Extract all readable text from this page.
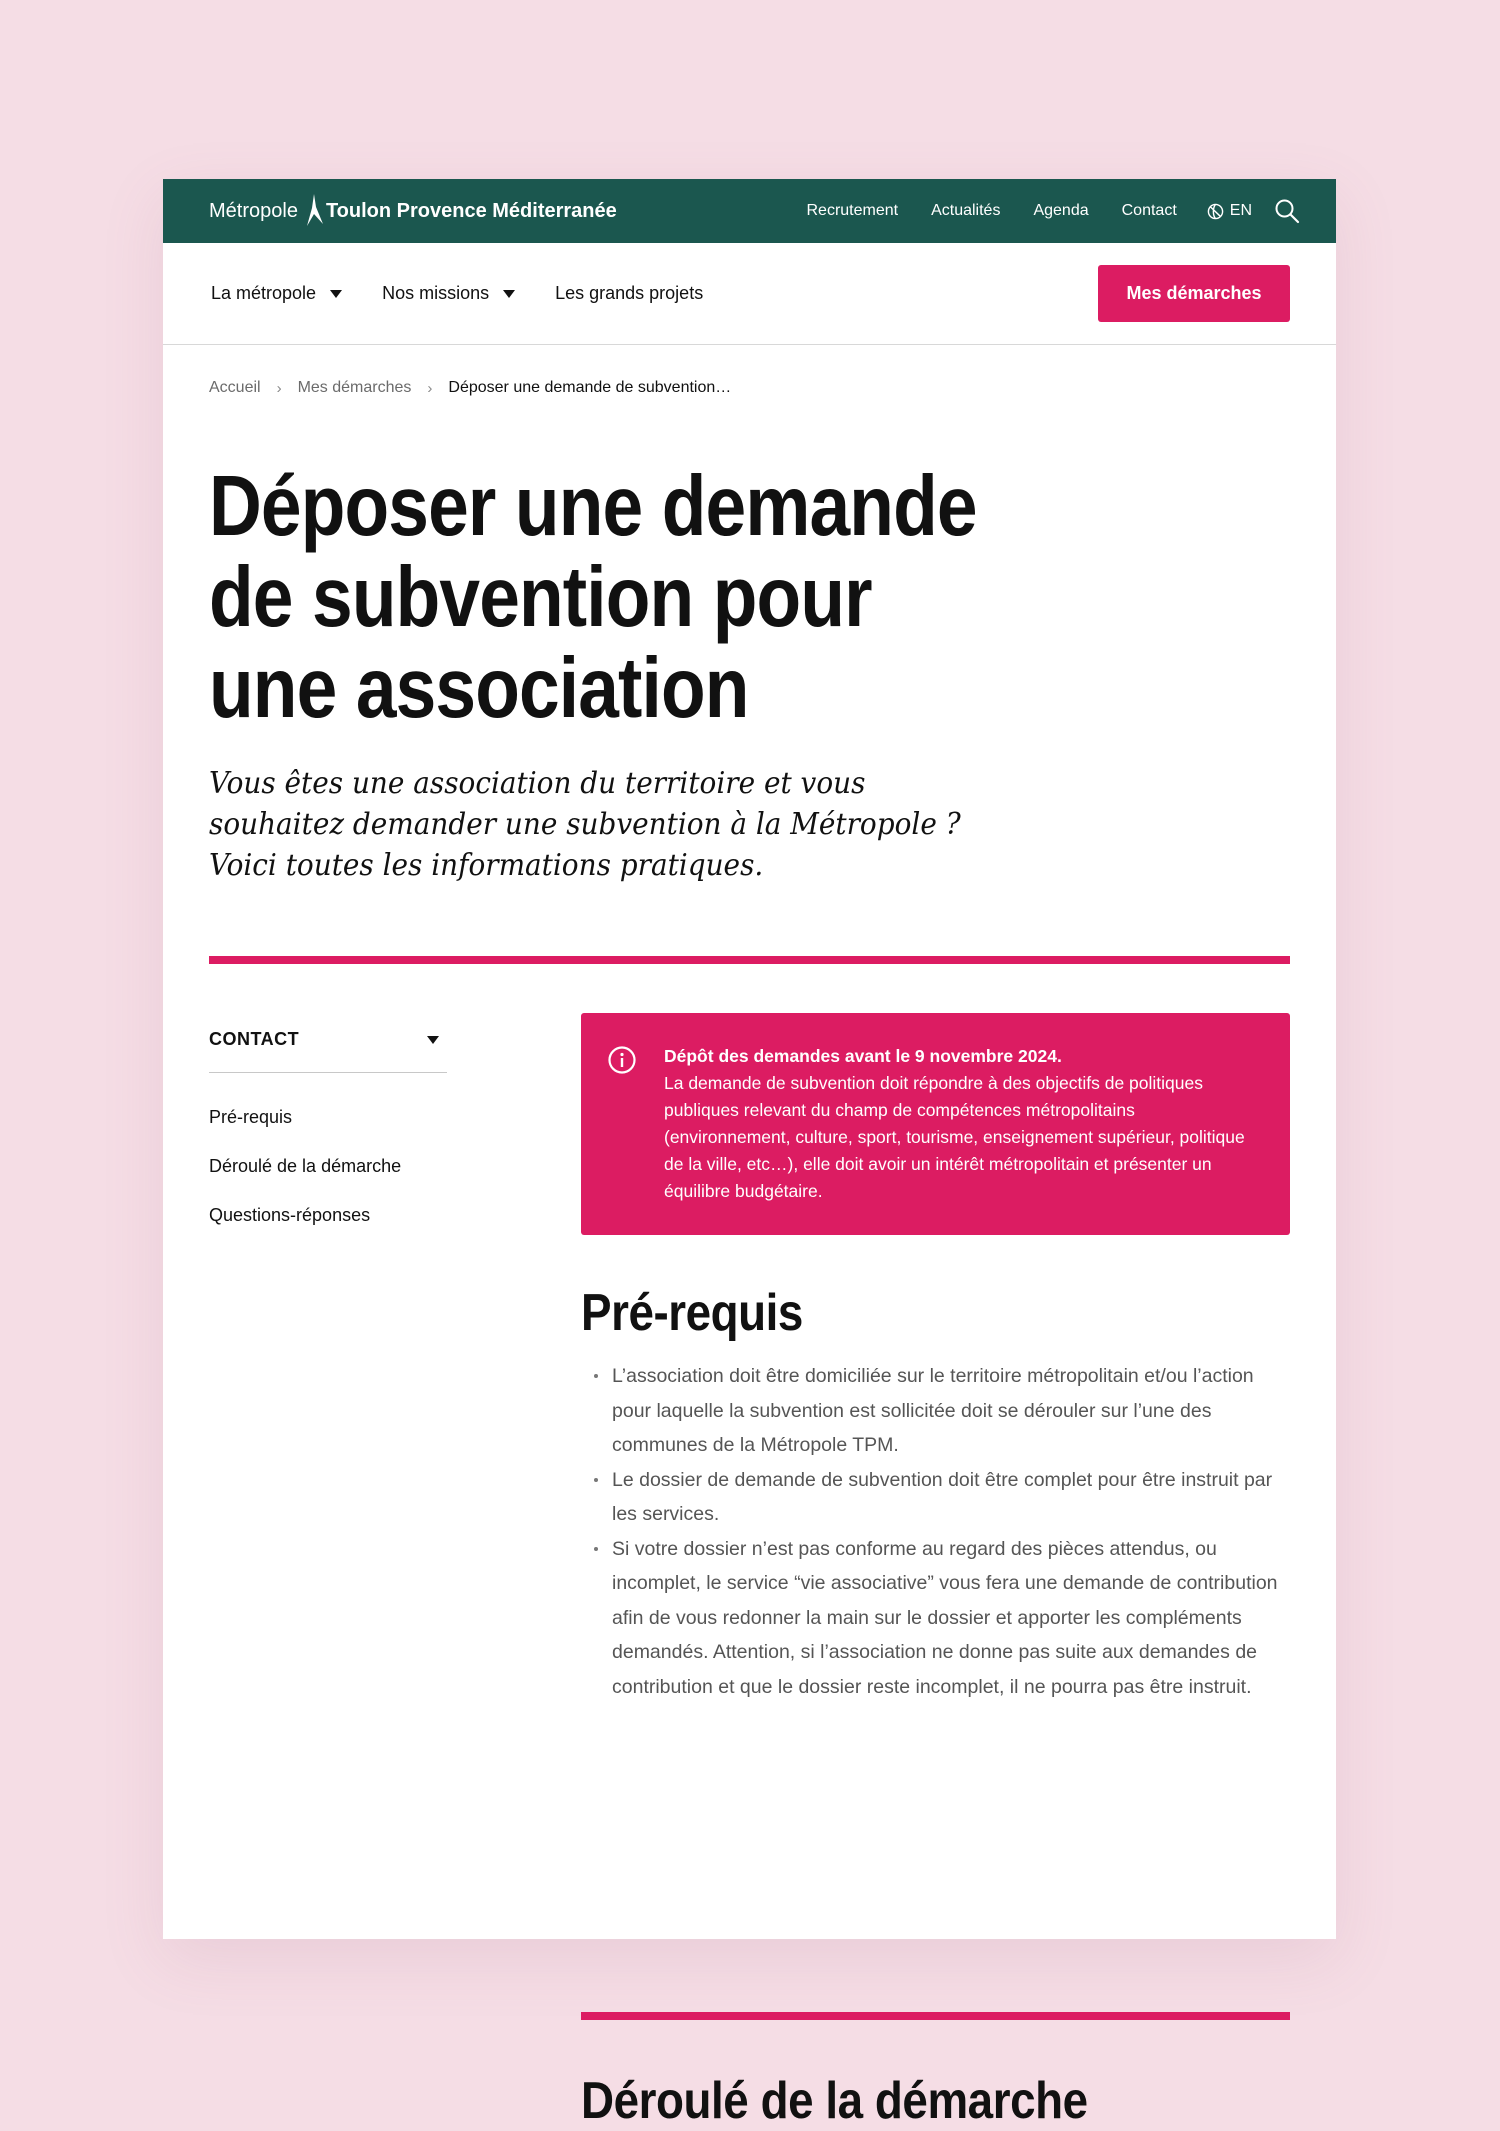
Métropole Toulon Provence Méditerranée	Recrutement Actualités Agenda Contact	EN
La métropole	Nos missions	Les grands projets	Mes démarches
Accueil › Mes démarches › Déposer une demande de subvention…
Déposer une demande de subvention pour une association

Vous êtes une association du territoire et vous souhaitez demander une subvention à la Métropole ? Voici toutes les informations pratiques.

CONTACT
Pré-requis
Déroulé de la démarche
Questions-réponses
Dépôt des demandes avant le 9 novembre 2024.
La demande de subvention doit répondre à des objectifs de politiques publiques relevant du champ de compétences métropolitains (environnement, culture, sport, tourisme, enseignement supérieur, politique de la ville, etc…), elle doit avoir un intérêt métropolitain et présenter un équilibre budgétaire.
Pré-requis
L’association doit être domiciliée sur le territoire métropolitain et/ou l’action pour laquelle la subvention est sollicitée doit se dérouler sur l’une des communes de la Métropole TPM.
Le dossier de demande de subvention doit être complet pour être instruit par les services.
Si votre dossier n’est pas conforme au regard des pièces attendus, ou incomplet, le service “vie associative” vous fera une demande de contribution afin de vous redonner la main sur le dossier et apporter les compléments demandés. Attention, si l’association ne donne pas suite aux demandes de contribution et que le dossier reste incomplet, il ne pourra pas être instruit.
Déroulé de la démarche
